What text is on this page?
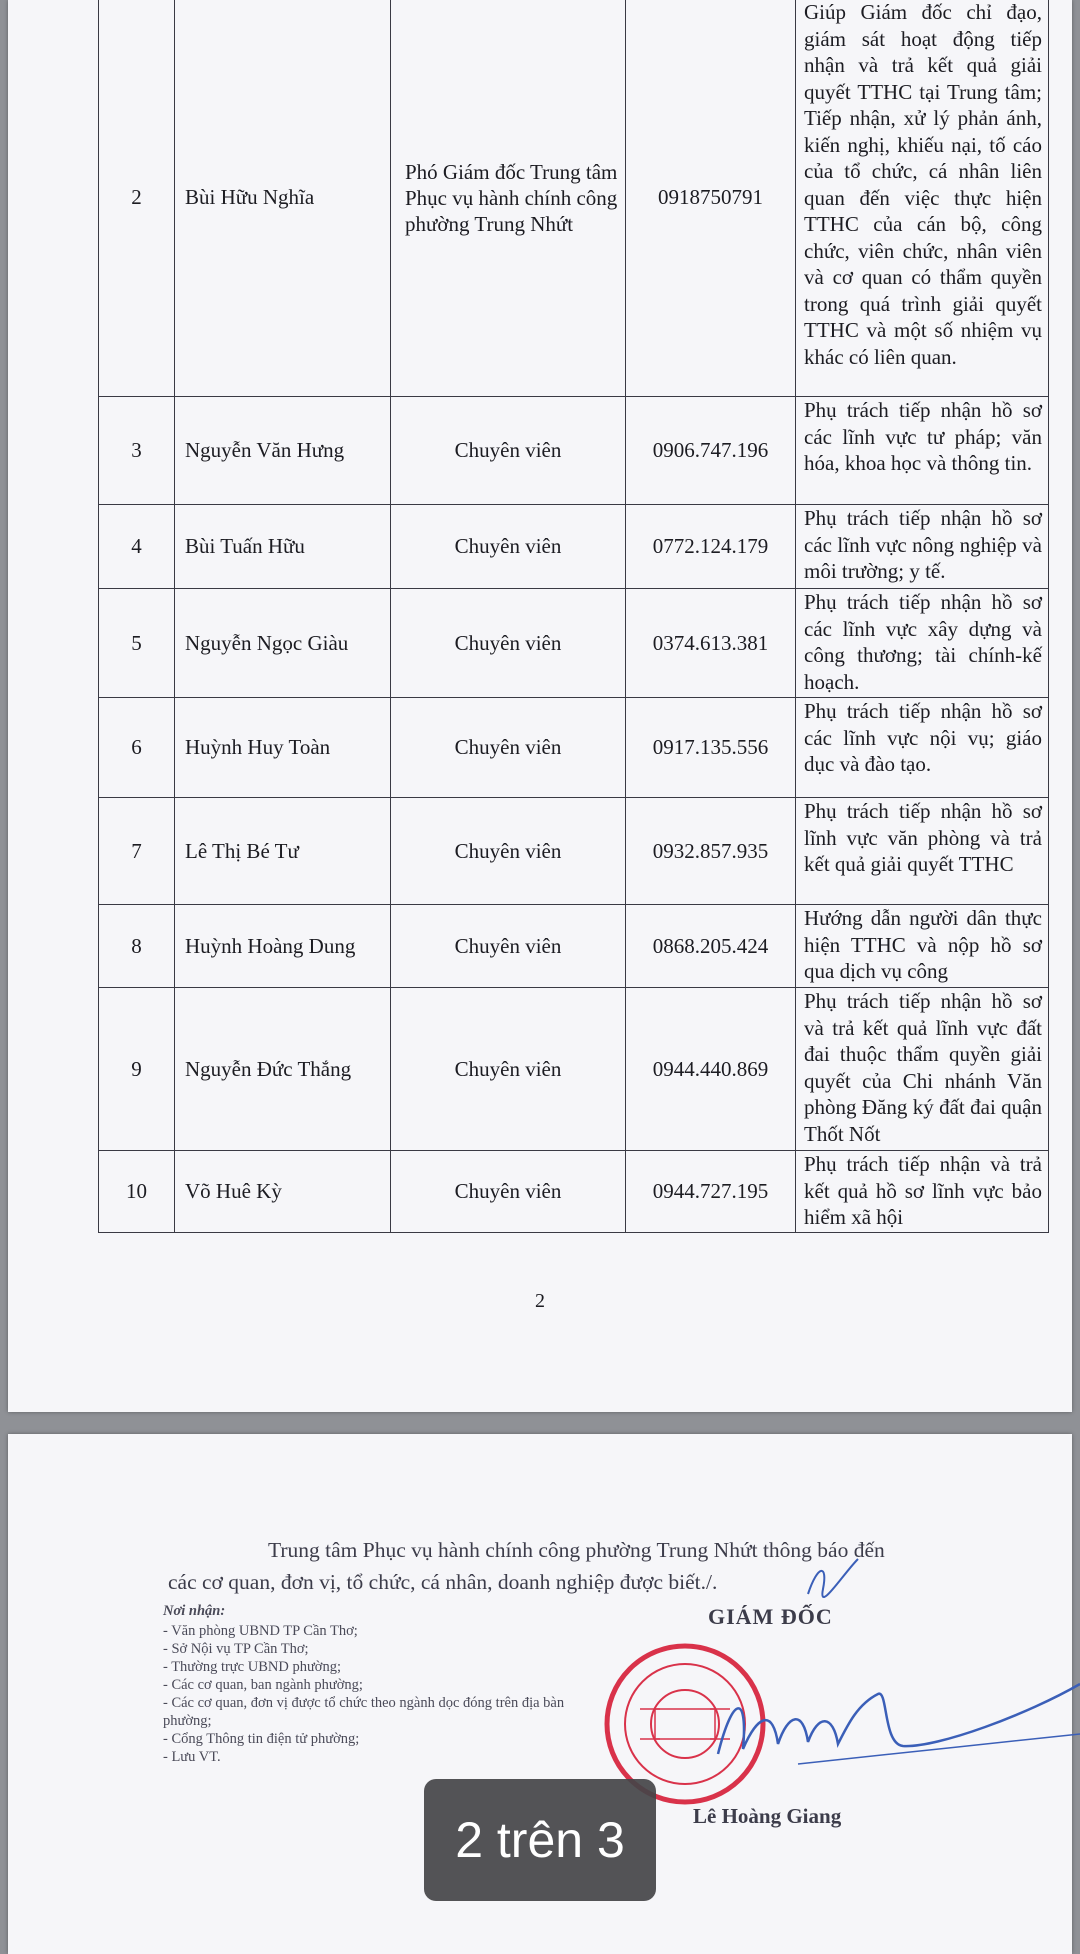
2	Bùi Hữu Nghĩa	Phó Giám đốc Trung tâm Phục vụ hành chính công phường Trung Nhứt	0918750791	Giúp Giám đốc chỉ đạo, giám sát hoạt động tiếp nhận và trả kết quả giải quyết TTHC tại Trung tâm; Tiếp nhận, xử lý phản ánh, kiến nghị, khiếu nại, tố cáo của tổ chức, cá nhân liên quan đến việc thực hiện TTHC của cán bộ, công chức, viên chức, nhân viên và cơ quan có thẩm quyền trong quá trình giải quyết TTHC và một số nhiệm vụ khác có liên quan.
3	Nguyễn Văn Hưng	Chuyên viên	0906.747.196	Phụ trách tiếp nhận hồ sơ các lĩnh vực tư pháp; văn hóa, khoa học và thông tin.
4	Bùi Tuấn Hữu	Chuyên viên	0772.124.179	Phụ trách tiếp nhận hồ sơ các lĩnh vực nông nghiệp và môi trường; y tế.
5	Nguyễn Ngọc Giàu	Chuyên viên	0374.613.381	Phụ trách tiếp nhận hồ sơ các lĩnh vực xây dựng và công thương; tài chính-kế hoạch.
6	Huỳnh Huy Toàn	Chuyên viên	0917.135.556	Phụ trách tiếp nhận hồ sơ các lĩnh vực nội vụ; giáo dục và đào tạo.
7	Lê Thị Bé Tư	Chuyên viên	0932.857.935	Phụ trách tiếp nhận hồ sơ lĩnh vực văn phòng và trả kết quả giải quyết TTHC
8	Huỳnh Hoàng Dung	Chuyên viên	0868.205.424	Hướng dẫn người dân thực hiện TTHC và nộp hồ sơ qua dịch vụ công
9	Nguyễn Đức Thắng	Chuyên viên	0944.440.869	Phụ trách tiếp nhận hồ sơ và trả kết quả lĩnh vực đất đai thuộc thẩm quyền giải quyết của Chi nhánh Văn phòng Đăng ký đất đai quận Thốt Nốt
10	Võ Huê Kỳ	Chuyên viên	0944.727.195	Phụ trách tiếp nhận và trả kết quả hồ sơ lĩnh vực bảo hiểm xã hội
2
Trung tâm Phục vụ hành chính công phường Trung Nhứt thông báo đến
các cơ quan, đơn vị, tổ chức, cá nhân, doanh nghiệp được biết./.
Nơi nhận:
- Văn phòng UBND TP Cần Thơ;
- Sở Nội vụ TP Cần Thơ;
- Thường trực UBND phường;
- Các cơ quan, ban ngành phường;
- Các cơ quan, đơn vị được tổ chức theo ngành dọc đóng trên địa bàn phường;
- Cổng Thông tin điện tử phường;
- Lưu VT.
GIÁM ĐỐC
Lê Hoàng Giang
2 trên 3
